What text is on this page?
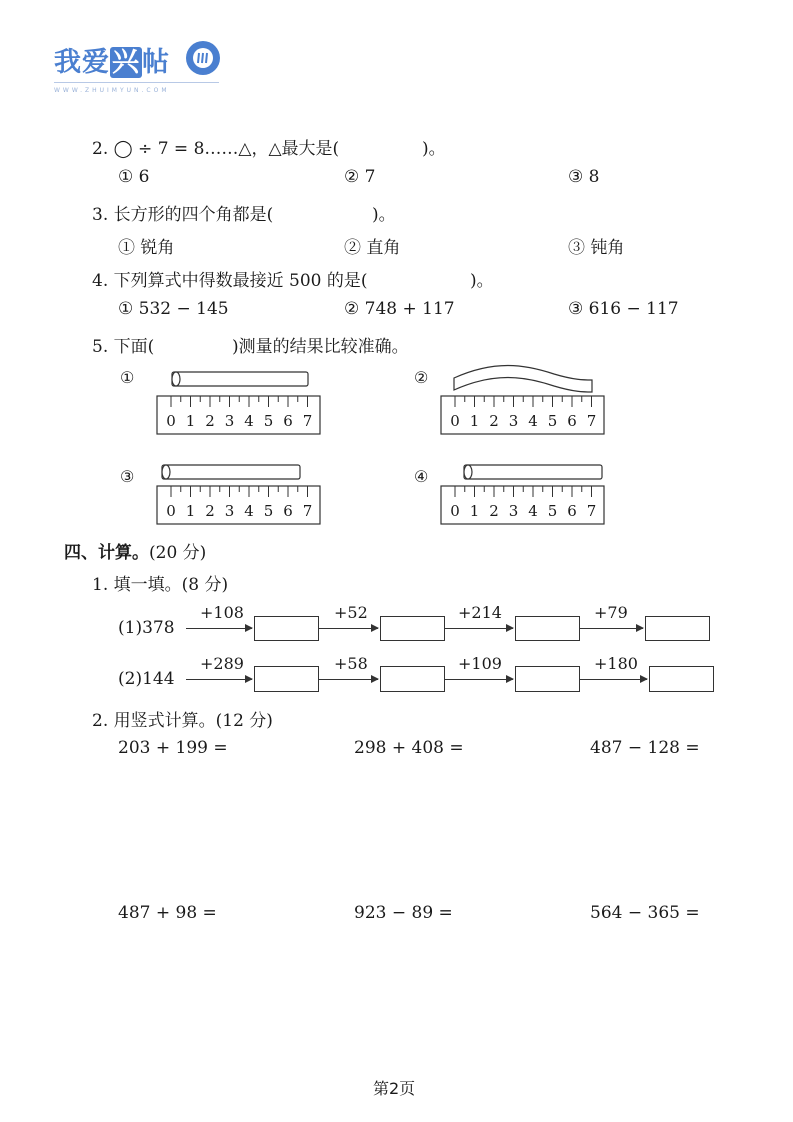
我爱兴帖
WWW.ZHUIMYUN.COM
2. ◯ ÷ 7 = 8……△，△最大是(	)。
① 6	② 7	③ 8
3. 长方形的四个角都是(	)。
① 锐角	② 直角	③ 钝角
4. 下列算式中得数最接近 500 的是(	)。
① 532 − 145	② 748 + 117	③ 616 − 117
5. 下面(	)测量的结果比较准确。
①	②
③	④
0 1 2 3 4 5 6 7	0 1 2 3 4 5 6 7
0 1 2 3 4 5 6 7	0 1 2 3 4 5 6 7
四、计算。(20 分)
1. 填一填。(8 分)
(1)378
+108	+52	+214	+79
(2)144
+289	+58	+109	+180
2. 用竖式计算。(12 分)
203 + 199 =	298 + 408 =	487 − 128 =
487 + 98 =	923 − 89 =	564 − 365 =
第2页
